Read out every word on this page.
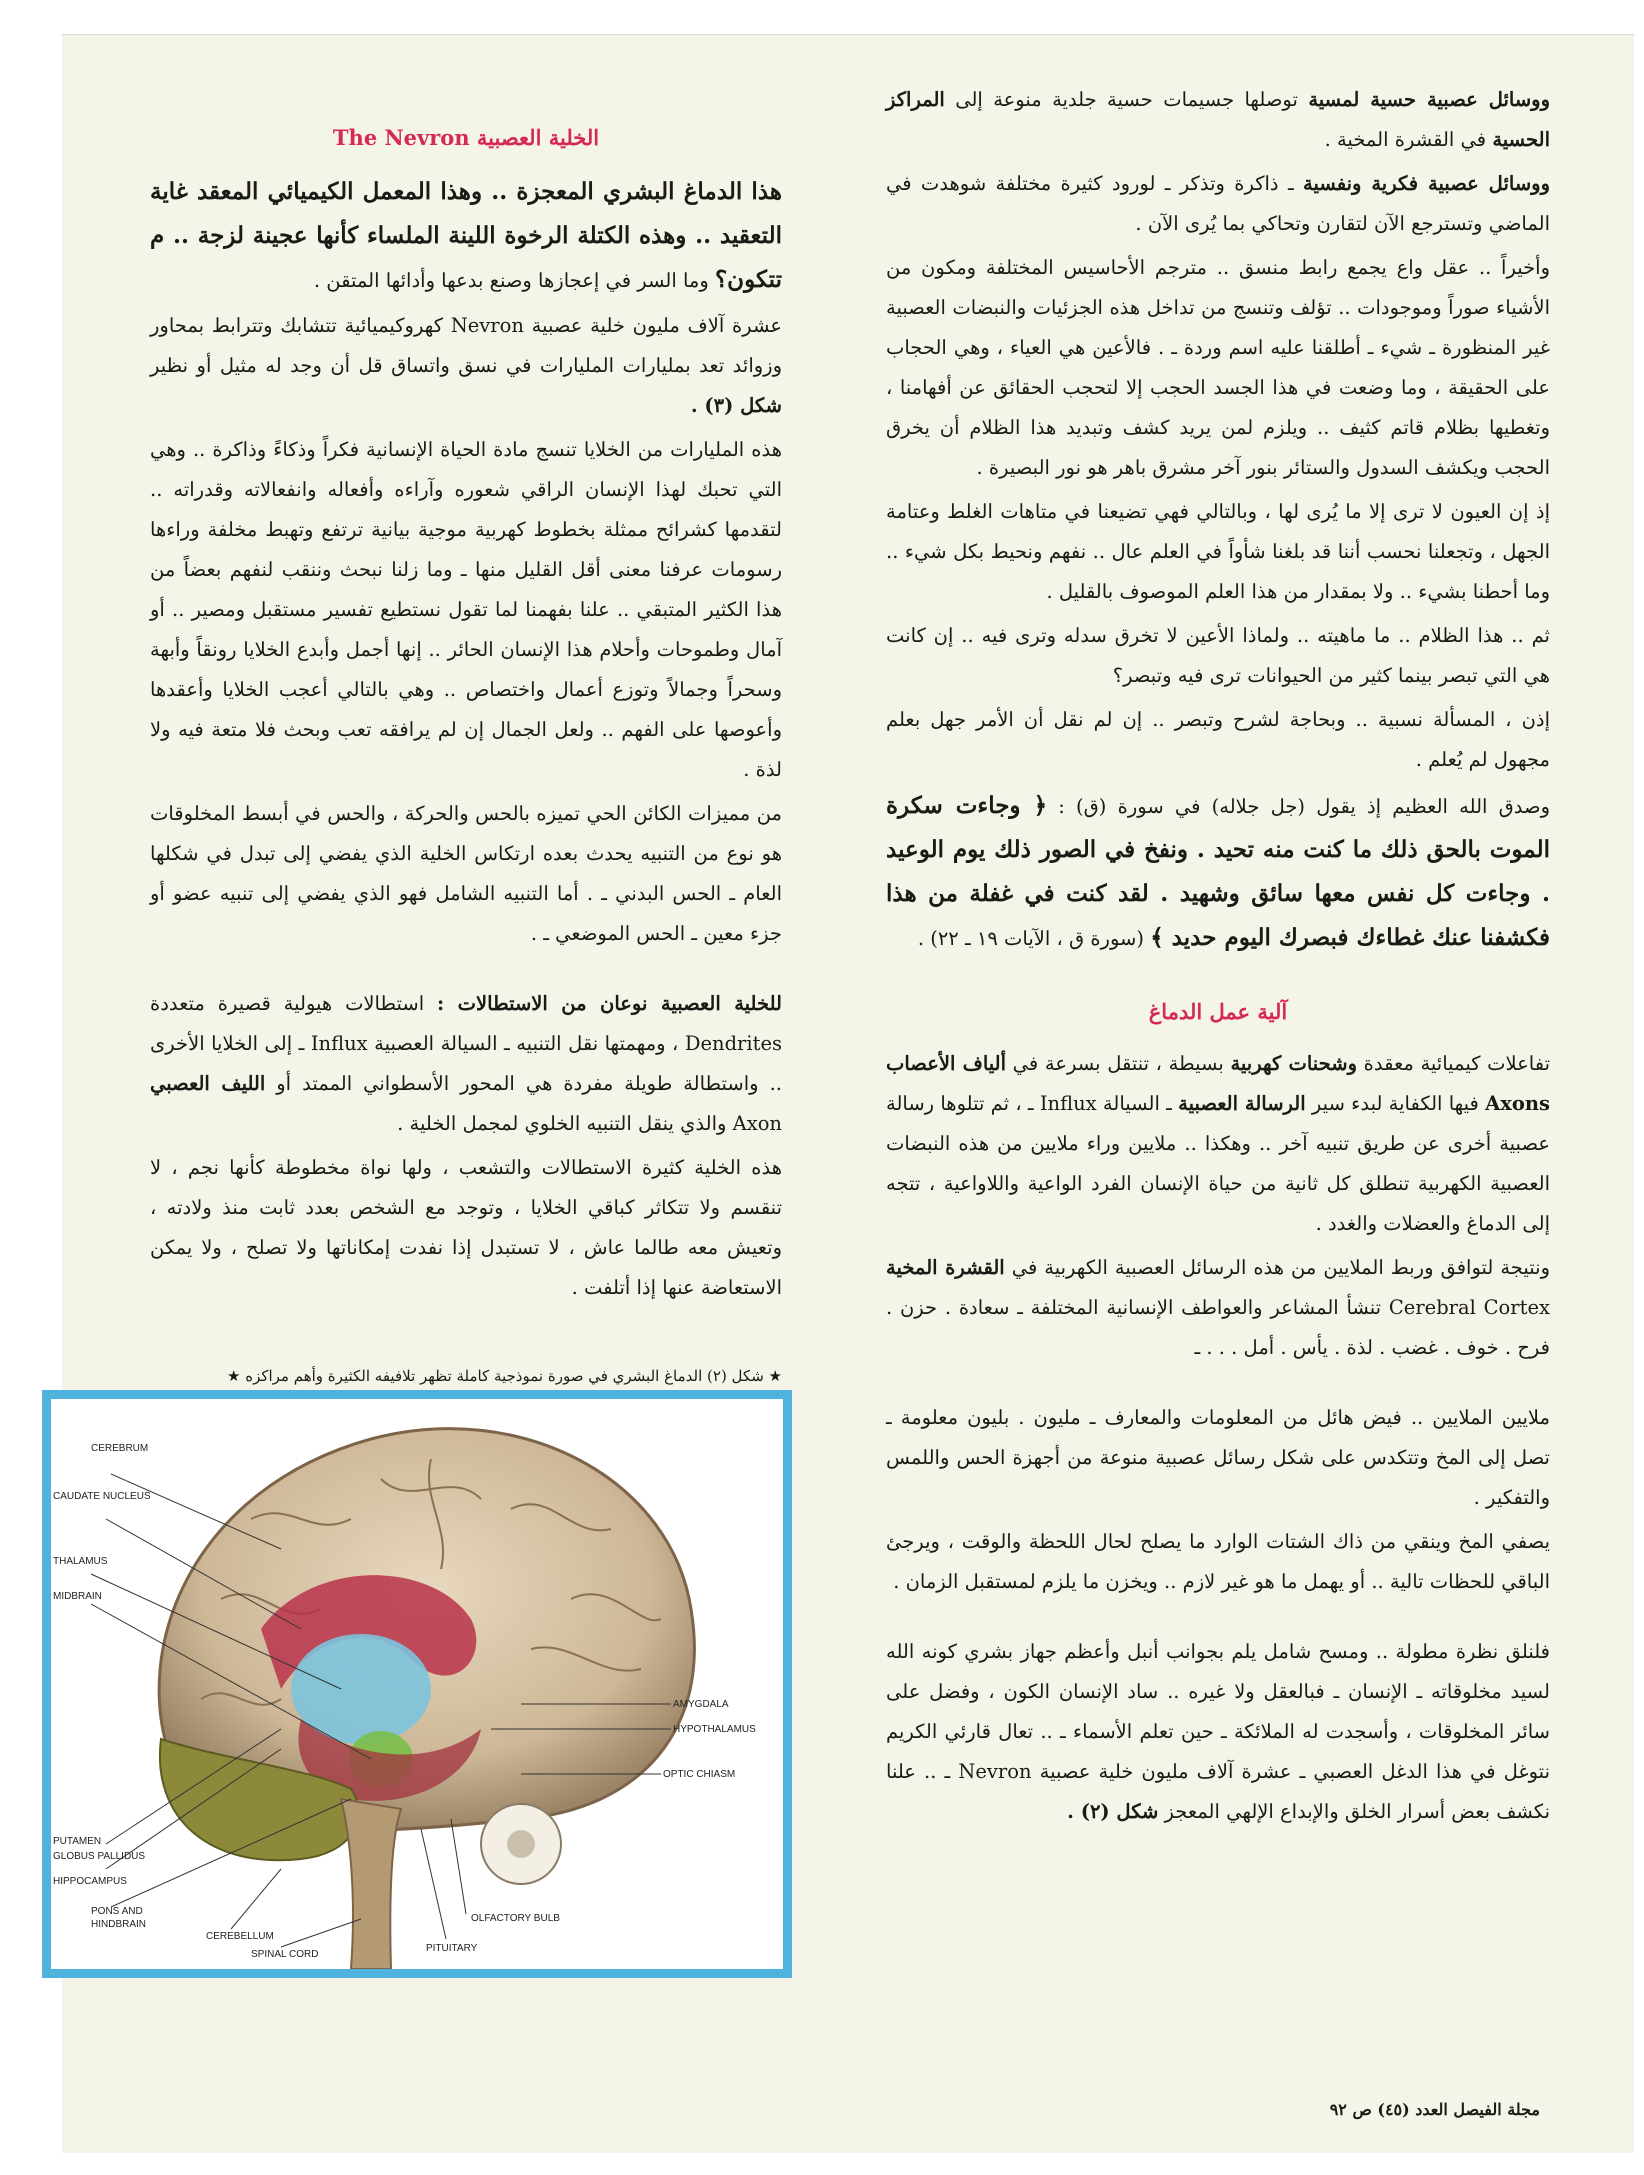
ووسائل عصبية حسية لمسية توصلها جسيمات حسية جلدية منوعة إلى المراكز الحسية في القشرة المخية .

ووسائل عصبية فكرية ونفسية ـ ذاكرة وتذكر ـ لورود كثيرة مختلفة شوهدت في الماضي وتسترجع الآن لتقارن وتحاكي بما يُرى الآن .

وأخيراً .. عقل واع يجمع رابط منسق .. مترجم الأحاسيس المختلفة ومكون من الأشياء صوراً وموجودات .. تؤلف وتنسج من تداخل هذه الجزئيات والنبضات العصبية غير المنظورة ـ شيء ـ أطلقنا عليه اسم وردة ـ . فالأعين هي العياء ، وهي الحجاب على الحقيقة ، وما وضعت في هذا الجسد الحجب إلا لتحجب الحقائق عن أفهامنا ، وتغطيها بظلام قاتم كثيف .. ويلزم لمن يريد كشف وتبديد هذا الظلام أن يخرق الحجب ويكشف السدول والستائر بنور آخر مشرق باهر هو نور البصيرة .

إذ إن العيون لا ترى إلا ما يُرى لها ، وبالتالي فهي تضيعنا في متاهات الغلط وعتامة الجهل ، وتجعلنا نحسب أننا قد بلغنا شأواً في العلم عال .. نفهم ونحيط بكل شيء .. وما أحطنا بشيء .. ولا بمقدار من هذا العلم الموصوف بالقليل .

ثم .. هذا الظلام .. ما ماهيته .. ولماذا الأعين لا تخرق سدله وترى فيه .. إن كانت هي التي تبصر بينما كثير من الحيوانات ترى فيه وتبصر؟

إذن ، المسألة نسبية .. وبحاجة لشرح وتبصر .. إن لم نقل أن الأمر جهل بعلم مجهول لم يُعلم .

وصدق الله العظيم إذ يقول (جل جلاله) في سورة (ق) : ﴿ وجاءت سكرة الموت بالحق ذلك ما كنت منه تحيد . ونفخ في الصور ذلك يوم الوعيد . وجاءت كل نفس معها سائق وشهيد . لقد كنت في غفلة من هذا فكشفنا عنك غطاءك فبصرك اليوم حديد ﴾ (سورة ق ، الآيات ١٩ ـ ٢٢) .

آلية عمل الدماغ

تفاعلات كيميائية معقدة وشحنات كهربية بسيطة ، تنتقل بسرعة في ألياف الأعصاب Axons فيها الكفاية لبدء سير الرسالة العصبية ـ السيالة Influx ـ ، ثم تتلوها رسالة عصبية أخرى عن طريق تنبيه آخر .. وهكذا .. ملايين وراء ملايين من هذه النبضات العصبية الكهربية تنطلق كل ثانية من حياة الإنسان الفرد الواعية واللاواعية ، تتجه إلى الدماغ والعضلات والغدد .

ونتيجة لتوافق وربط الملايين من هذه الرسائل العصبية الكهربية في القشرة المخية Cerebral Cortex تنشأ المشاعر والعواطف الإنسانية المختلفة ـ سعادة . حزن . فرح . خوف . غضب . لذة . يأس . أمل . . . ـ

ملايين الملايين .. فيض هائل من المعلومات والمعارف ـ مليون . بليون معلومة ـ تصل إلى المخ وتتكدس على شكل رسائل عصبية منوعة من أجهزة الحس واللمس والتفكير .

يصفي المخ وينقي من ذاك الشتات الوارد ما يصلح لحال اللحظة والوقت ، ويرجئ الباقي للحظات تالية .. أو يهمل ما هو غير لازم .. ويخزن ما يلزم لمستقبل الزمان .

فلنلق نظرة مطولة .. ومسح شامل يلم بجوانب أنبل وأعظم جهاز بشري كونه الله لسيد مخلوقاته ـ الإنسان ـ فبالعقل ولا غيره .. ساد الإنسان الكون ، وفضل على سائر المخلوقات ، وأسجدت له الملائكة ـ حين تعلم الأسماء ـ .. تعال قارئي الكريم نتوغل في هذا الدغل العصبي ـ عشرة آلاف مليون خلية عصبية Nevron ـ .. علنا نكشف بعض أسرار الخلق والإبداع الإلهي المعجز شكل (٢) .

الخلية العصبية The Nevron

هذا الدماغ البشري المعجزة .. وهذا المعمل الكيميائي المعقد غاية التعقيد .. وهذه الكتلة الرخوة اللينة الملساء كأنها عجينة لزجة .. م تتكون؟ وما السر في إعجازها وصنع بدعها وأدائها المتقن .

عشرة آلاف مليون خلية عصبية Nevron كهروكيميائية تتشابك وتترابط بمحاور وزوائد تعد بمليارات المليارات في نسق واتساق قل أن وجد له مثيل أو نظير شكل (٣) .

هذه المليارات من الخلايا تنسج مادة الحياة الإنسانية فكراً وذكاءً وذاكرة .. وهي التي تحبك لهذا الإنسان الراقي شعوره وآراءه وأفعاله وانفعالاته وقدراته .. لتقدمها كشرائح ممثلة بخطوط كهربية موجية بيانية ترتفع وتهبط مخلفة وراءها رسومات عرفنا معنى أقل القليل منها ـ وما زلنا نبحث وننقب لنفهم بعضاً من هذا الكثير المتبقي .. علنا بفهمنا لما تقول نستطيع تفسير مستقبل ومصير .. أو آمال وطموحات وأحلام هذا الإنسان الحائر .. إنها أجمل وأبدع الخلايا رونقاً وأبهة وسحراً وجمالاً وتوزع أعمال واختصاص .. وهي بالتالي أعجب الخلايا وأعقدها وأعوصها على الفهم .. ولعل الجمال إن لم يرافقه تعب وبحث فلا متعة فيه ولا لذة .

من مميزات الكائن الحي تميزه بالحس والحركة ، والحس في أبسط المخلوقات هو نوع من التنبيه يحدث بعده ارتكاس الخلية الذي يفضي إلى تبدل في شكلها العام ـ الحس البدني ـ . أما التنبيه الشامل فهو الذي يفضي إلى تنبيه عضو أو جزء معين ـ الحس الموضعي ـ .

للخلية العصبية نوعان من الاستطالات : استطالات هيولية قصيرة متعددة Dendrites ، ومهمتها نقل التنبيه ـ السيالة العصبية Influx ـ إلى الخلايا الأخرى .. واستطالة طويلة مفردة هي المحور الأسطواني الممتد أو الليف العصبي Axon والذي ينقل التنبيه الخلوي لمجمل الخلية .

هذه الخلية كثيرة الاستطالات والتشعب ، ولها نواة مخطوطة كأنها نجم ، لا تنقسم ولا تتكاثر كباقي الخلايا ، وتوجد مع الشخص بعدد ثابت منذ ولادته ، وتعيش معه طالما عاش ، لا تستبدل إذا نفدت إمكاناتها ولا تصلح ، ولا يمكن الاستعاضة عنها إذا أتلفت .

★ شكل (٢) الدماغ البشري في صورة نموذجية كاملة تظهر تلافيفه الكثيرة وأهم مراكزه ★
CEREBRUM
CAUDATE NUCLEUS
THALAMUS
MIDBRAIN
AMYGDALA
HYPOTHALAMUS
OPTIC CHIASM
PUTAMEN
GLOBUS PALLIDUS
HIPPOCAMPUS
PONS AND
HINDBRAIN
CEREBELLUM
SPINAL CORD
OLFACTORY BULB
PITUITARY
مجلة الفيصل العدد (٤٥) ص ٩٢
